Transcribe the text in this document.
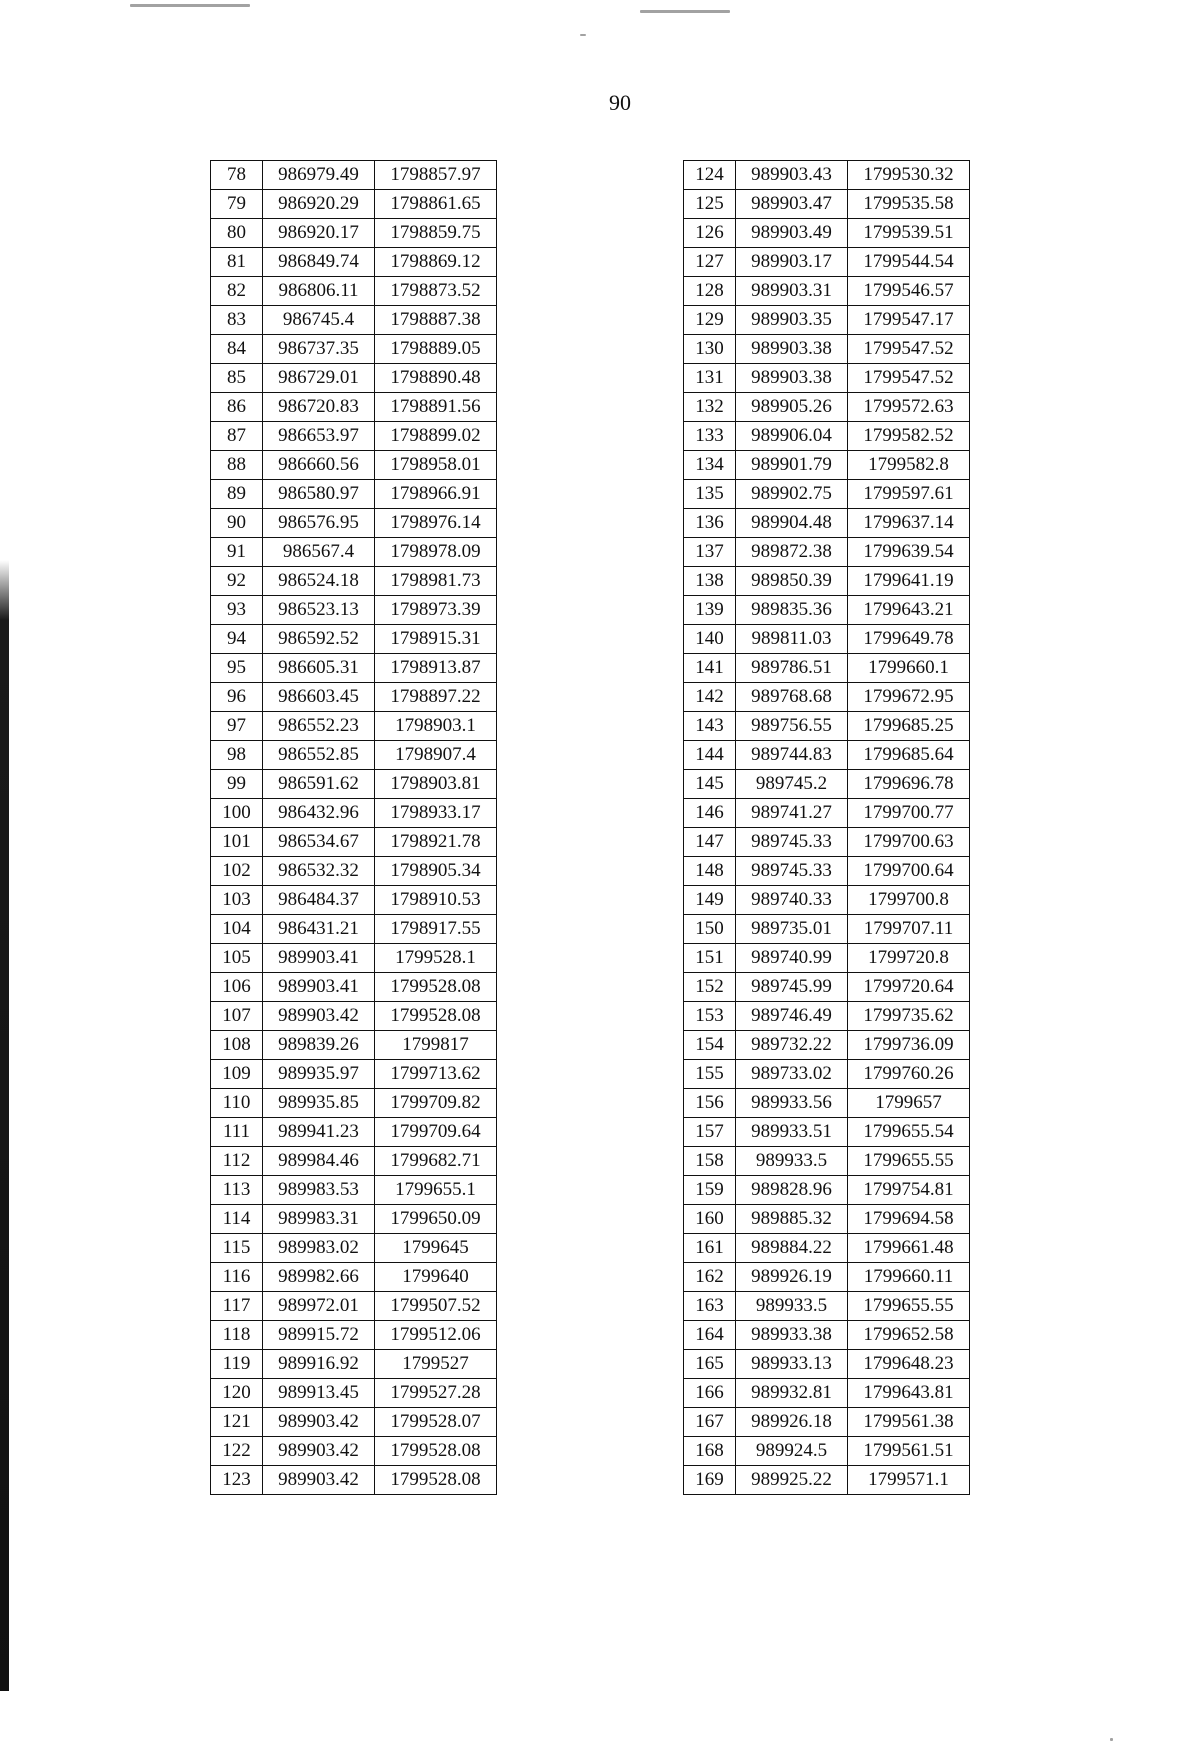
90
78	986979.49	1798857.97
79	986920.29	1798861.65
80	986920.17	1798859.75
81	986849.74	1798869.12
82	986806.11	1798873.52
83	986745.4	1798887.38
84	986737.35	1798889.05
85	986729.01	1798890.48
86	986720.83	1798891.56
87	986653.97	1798899.02
88	986660.56	1798958.01
89	986580.97	1798966.91
90	986576.95	1798976.14
91	986567.4	1798978.09
92	986524.18	1798981.73
93	986523.13	1798973.39
94	986592.52	1798915.31
95	986605.31	1798913.87
96	986603.45	1798897.22
97	986552.23	1798903.1
98	986552.85	1798907.4
99	986591.62	1798903.81
100	986432.96	1798933.17
101	986534.67	1798921.78
102	986532.32	1798905.34
103	986484.37	1798910.53
104	986431.21	1798917.55
105	989903.41	1799528.1
106	989903.41	1799528.08
107	989903.42	1799528.08
108	989839.26	1799817
109	989935.97	1799713.62
110	989935.85	1799709.82
111	989941.23	1799709.64
112	989984.46	1799682.71
113	989983.53	1799655.1
114	989983.31	1799650.09
115	989983.02	1799645
116	989982.66	1799640
117	989972.01	1799507.52
118	989915.72	1799512.06
119	989916.92	1799527
120	989913.45	1799527.28
121	989903.42	1799528.07
122	989903.42	1799528.08
123	989903.42	1799528.08
124	989903.43	1799530.32
125	989903.47	1799535.58
126	989903.49	1799539.51
127	989903.17	1799544.54
128	989903.31	1799546.57
129	989903.35	1799547.17
130	989903.38	1799547.52
131	989903.38	1799547.52
132	989905.26	1799572.63
133	989906.04	1799582.52
134	989901.79	1799582.8
135	989902.75	1799597.61
136	989904.48	1799637.14
137	989872.38	1799639.54
138	989850.39	1799641.19
139	989835.36	1799643.21
140	989811.03	1799649.78
141	989786.51	1799660.1
142	989768.68	1799672.95
143	989756.55	1799685.25
144	989744.83	1799685.64
145	989745.2	1799696.78
146	989741.27	1799700.77
147	989745.33	1799700.63
148	989745.33	1799700.64
149	989740.33	1799700.8
150	989735.01	1799707.11
151	989740.99	1799720.8
152	989745.99	1799720.64
153	989746.49	1799735.62
154	989732.22	1799736.09
155	989733.02	1799760.26
156	989933.56	1799657
157	989933.51	1799655.54
158	989933.5	1799655.55
159	989828.96	1799754.81
160	989885.32	1799694.58
161	989884.22	1799661.48
162	989926.19	1799660.11
163	989933.5	1799655.55
164	989933.38	1799652.58
165	989933.13	1799648.23
166	989932.81	1799643.81
167	989926.18	1799561.38
168	989924.5	1799561.51
169	989925.22	1799571.1
